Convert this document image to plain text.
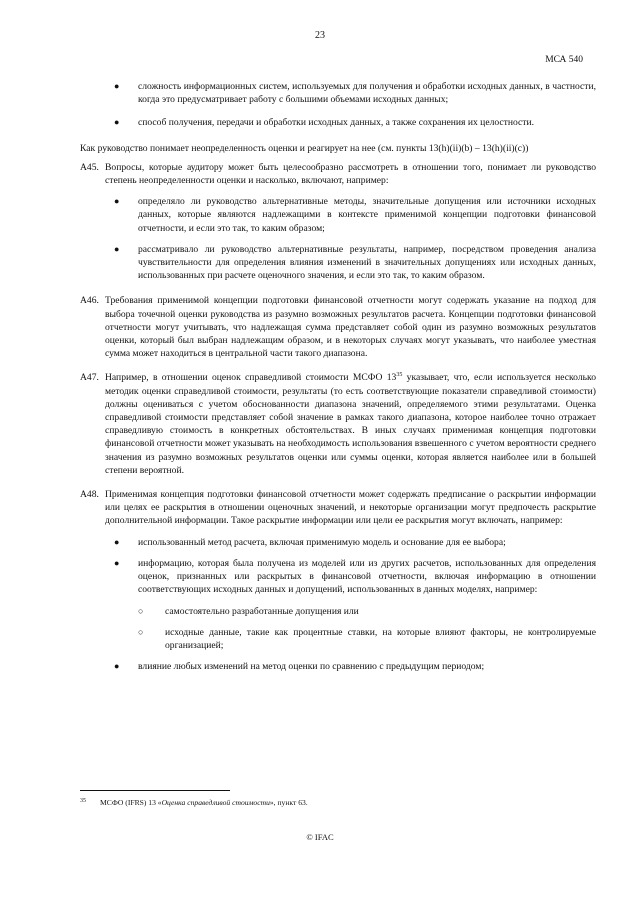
23
МСА 540

● сложность информационных систем, используемых для получения и обработки исходных данных, в частности, когда это предусматривает работу с большими объемами исходных данных;

● способ получения, передачи и обработки исходных данных, а также сохранения их целостности.

Как руководство понимает неопределенность оценки и реагирует на нее (см. пункты 13(h)(ii)(b) – 13(h)(ii)(c))

А45. Вопросы, которые аудитору может быть целесообразно рассмотреть в отношении того, понимает ли руководство степень неопределенности оценки и насколько, включают, например:

● определяло ли руководство альтернативные методы, значительные допущения или источники исходных данных, которые являются надлежащими в контексте применимой концепции подготовки финансовой отчетности, и если это так, то каким образом;

● рассматривало ли руководство альтернативные результаты, например, посредством проведения анализа чувствительности для определения влияния изменений в значительных допущениях или исходных данных, использованных при расчете оценочного значения, и если это так, то каким образом.

А46. Требования применимой концепции подготовки финансовой отчетности могут содержать указание на подход для выбора точечной оценки руководства из разумно возможных результатов расчета. Концепции подготовки финансовой отчетности могут учитывать, что надлежащая сумма представляет собой один из разумно возможных результатов оценки, который был выбран надлежащим образом, и в некоторых случаях могут указывать, что наиболее уместная сумма может находиться в центральной части такого диапазона.

А47. Например, в отношении оценок справедливой стоимости МСФО $13^{35}$ указывает, что, если используется несколько методик оценки справедливой стоимости, результаты (то есть соответствующие показатели справедливой стоимости) должны оцениваться с учетом обоснованности диапазона значений, определяемого этими результатами. Оценка справедливой стоимости представляет собой значение в рамках такого диапазона, которое наиболее точно отражает справедливую стоимость в конкретных обстоятельствах. В иных случаях применимая концепция подготовки финансовой отчетности может указывать на необходимость использования взвешенного с учетом вероятности среднего значения из разумно возможных результатов оценки или суммы оценки, которая является наиболее или в большей степени вероятной.

А48. Применимая концепция подготовки финансовой отчетности может содержать предписание о раскрытии информации или целях ее раскрытия в отношении оценочных значений, и некоторые организации могут предпочесть раскрытие дополнительной информации. Такое раскрытие информации или цели ее раскрытия могут включать, например:

● использованный метод расчета, включая применимую модель и основание для ее выбора;

● информацию, которая была получена из моделей или из других расчетов, использованных для определения оценок, признанных или раскрытых в финансовой отчетности, включая информацию в отношении соответствующих исходных данных и допущений, использованных в данных моделях, например:

○ самостоятельно разработанные допущения или

○ исходные данные, такие как процентные ставки, на которые влияют факторы, не контролируемые организацией;

● влияние любых изменений на метод оценки по сравнению с предыдущим периодом;

35	МСФО (IFRS) 13 «Оценка справедливой стоимости», пункт 63.
© IFAC
